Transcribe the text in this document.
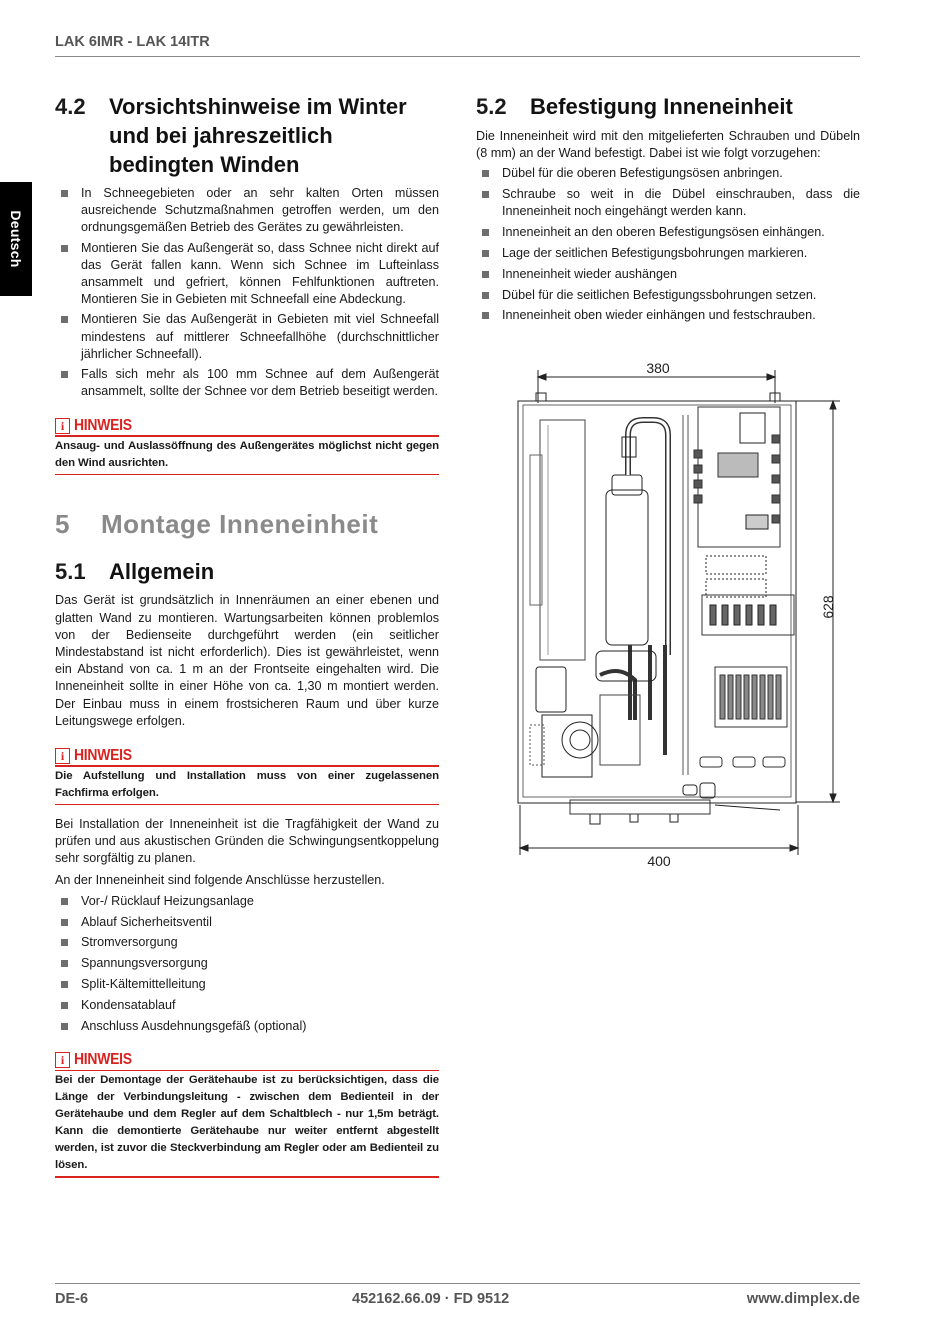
LAK 6IMR - LAK 14ITR
Deutsch
4.2	Vorsichtshinweise im Winter und bei jahreszeitlich bedingten Winden
In Schneegebieten oder an sehr kalten Orten müssen ausreichende Schutzmaßnahmen getroffen werden, um den ordnungsgemäßen Betrieb des Gerätes zu gewährleisten.
Montieren Sie das Außengerät so, dass Schnee nicht direkt auf das Gerät fallen kann. Wenn sich Schnee im Lufteinlass ansammelt und gefriert, können Fehlfunktionen auftreten. Montieren Sie in Gebieten mit Schneefall eine Abdeckung.
Montieren Sie das Außengerät in Gebieten mit viel Schneefall mindestens auf mittlerer Schneefallhöhe (durchschnittlicher jährlicher Schneefall).
Falls sich mehr als 100 mm Schnee auf dem Außengerät ansammelt, sollte der Schnee vor dem Betrieb beseitigt werden.
i HINWEIS
Ansaug- und Auslassöffnung des Außengerätes möglichst nicht gegen den Wind ausrichten.
5	Montage Inneneinheit
5.1	Allgemein

Das Gerät ist grundsätzlich in Innenräumen an einer ebenen und glatten Wand zu montieren. Wartungsarbeiten können problemlos von der Bedienseite durchgeführt werden (ein seitlicher Mindestabstand ist nicht erforderlich). Dies ist gewährleistet, wenn ein Abstand von ca. 1 m an der Frontseite eingehalten wird. Die Inneneinheit sollte in einer Höhe von ca. 1,30 m montiert werden. Der Einbau muss in einem frostsicheren Raum und über kurze Leitungswege erfolgen.

i HINWEIS
Die Aufstellung und Installation muss von einer zugelassenen Fachfirma erfolgen.

Bei Installation der Inneneinheit ist die Tragfähigkeit der Wand zu prüfen und aus akustischen Gründen die Schwingungsentkoppelung sehr sorgfältig zu planen.

An der Inneneinheit sind folgende Anschlüsse herzustellen.

Vor-/ Rücklauf Heizungsanlage
Ablauf Sicherheitsventil
Stromversorgung
Spannungsversorgung
Split-Kältemittelleitung
Kondensatablauf
Anschluss Ausdehnungsgefäß (optional)
i HINWEIS
Bei der Demontage der Gerätehaube ist zu berücksichtigen, dass die Länge der Verbindungsleitung - zwischen dem Bedienteil in der Gerätehaube und dem Regler auf dem Schaltblech - nur 1,5m beträgt. Kann die demontierte Gerätehaube nur weiter entfernt abgestellt werden, ist zuvor die Steckverbindung am Regler oder am Bedienteil zu lösen.
5.2	Befestigung Inneneinheit

Die Inneneinheit wird mit den mitgelieferten Schrauben und Dübeln (8 mm) an der Wand befestigt. Dabei ist wie folgt vorzugehen:

Dübel für die oberen Befestigungsösen anbringen.
Schraube so weit in die Dübel einschrauben, dass die Inneneinheit noch eingehängt werden kann.
Inneneinheit an den oberen Befestigungsösen einhängen.
Lage der seitlichen Befestigungsbohrungen markieren.
Inneneinheit wieder aushängen
Dübel für die seitlichen Befestigungssbohrungen setzen.
Inneneinheit oben wieder einhängen und festschrauben.
380
400
628
DE-6	452162.66.09 · FD 9512	www.dimplex.de
